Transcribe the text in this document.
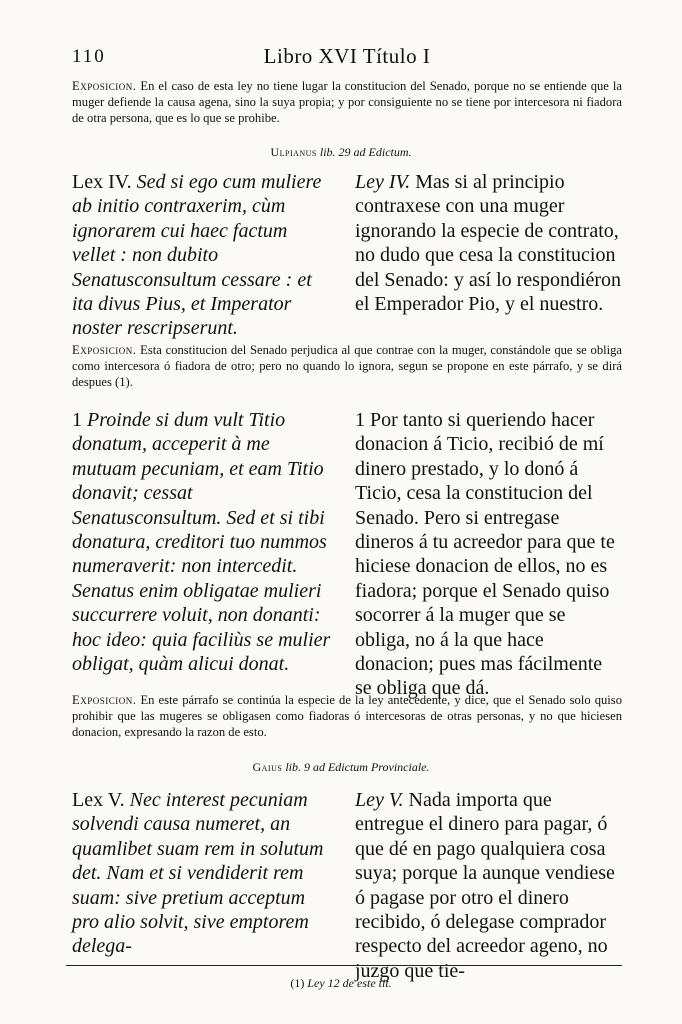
110	Libro XVI Título I
Exposicion. En el caso de esta ley no tiene lugar la constitucion del Senado, porque no se entiende que la muger defiende la causa agena, sino la suya propia; y por consiguiente no se tiene por intercesora ni fiadora de otra persona, que es lo que se prohibe.
Ulpianus lib. 29 ad Edictum.
Lex IV. Sed si ego cum muliere ab initio contraxerim, cùm ignorarem cui haec factum vellet : non dubito Senatusconsultum cessare : et ita divus Pius, et Imperator noster rescripserunt.
Ley IV. Mas si al principio contraxese con una muger ignorando la especie de contrato, no dudo que cesa la constitucion del Senado: y así lo respondiéron el Emperador Pio, y el nuestro.
Exposicion. Esta constitucion del Senado perjudica al que contrae con la muger, constándole que se obliga como intercesora ó fiadora de otro; pero no quando lo ignora, segun se propone en este párrafo, y se dirá despues (1).
1 Proinde si dum vult Titio donatum, acceperit à me mutuam pecuniam, et eam Titio donavit; cessat Senatusconsultum. Sed et si tibi donatura, creditori tuo nummos numeraverit: non intercedit. Senatus enim obligatae mulieri succurrere voluit, non donanti: hoc ideo: quia faciliùs se mulier obligat, quàm alicui donat.
1 Por tanto si queriendo hacer donacion á Ticio, recibió de mí dinero prestado, y lo donó á Ticio, cesa la constitucion del Senado. Pero si entregase dineros á tu acreedor para que te hiciese donacion de ellos, no es fiadora; porque el Senado quiso socorrer á la muger que se obliga, no á la que hace donacion; pues mas fácilmente se obliga que dá.
Exposicion. En este párrafo se continúa la especie de la ley antecedente, y dice, que el Senado solo quiso prohibir que las mugeres se obligasen como fiadoras ó intercesoras de otras personas, y no que hiciesen donacion, expresando la razon de esto.
Gaius lib. 9 ad Edictum Provinciale.
Lex V. Nec interest pecuniam solvendi causa numeret, an quamlibet suam rem in solutum det. Nam et si vendiderit rem suam: sive pretium acceptum pro alio solvit, sive emptorem delega-
Ley V. Nada importa que entregue el dinero para pagar, ó que dé en pago qualquiera cosa suya; porque la aunque vendiese ó pagase por otro el dinero recibido, ó delegase comprador respecto del acreedor ageno, no juzgo que tie-
(1) Ley 12 de este tit.
